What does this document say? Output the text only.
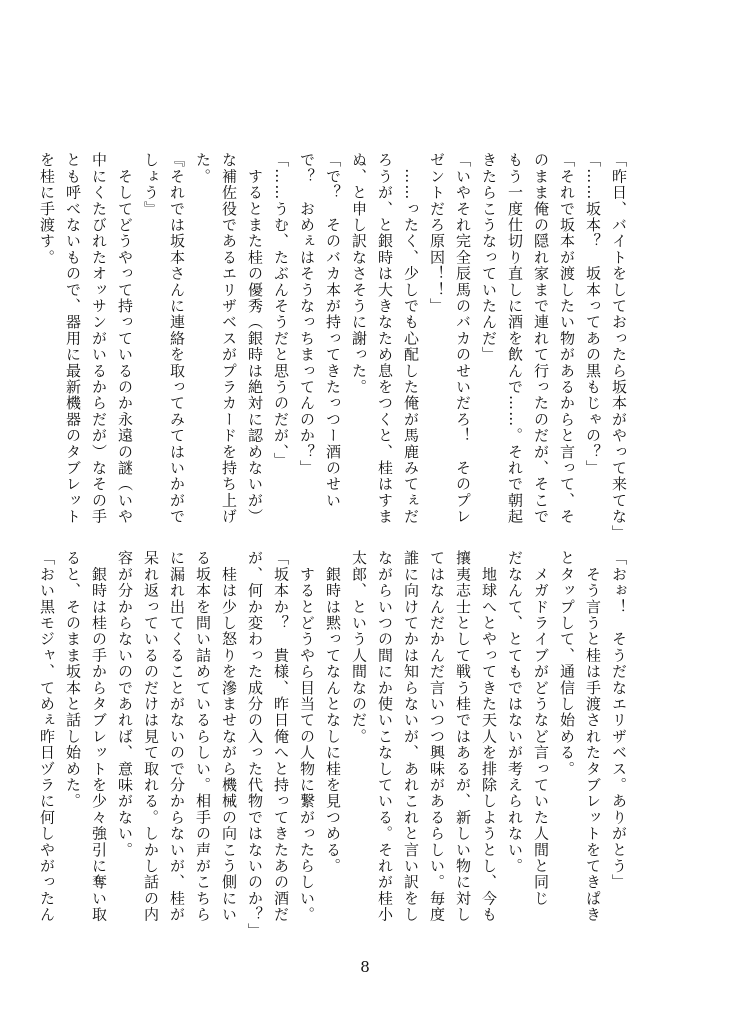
「昨日、バイトをしておったら坂本がやって来てな」

「……坂本？　坂本ってあの黒もじゃの？」

「それで坂本が渡したい物があるからと言って、そ

のまま俺の隠れ家まで連れて行ったのだが、そこで

もう一度仕切り直しに酒を飲んで……。それで朝起

きたらこうなっていたんだ」

「いやそれ完全辰馬のバカのせいだろ！　そのプレ

ゼントだろ原因！！」

　……ったく、少しでも心配した俺が馬鹿みてぇだ

ろうが、と銀時は大きなため息をつくと、桂はすま

ぬ、と申し訳なさそうに謝った。

「で？　そのバカ本が持ってきたっつー酒のせい

で？　おめぇはそうなっちまってんのか？」

「……うむ、たぶんそうだと思うのだが、」

　するとまた桂の優秀（銀時は絶対に認めないが）

な補佐役であるエリザベスがプラカードを持ち上げ

た。

『それでは坂本さんに連絡を取ってみてはいかがで

しょう』

　そしてどうやって持っているのか永遠の謎（いや

中にくたびれたオッサンがいるからだが）なその手

とも呼べないもので、器用に最新機器のタブレット

を桂に手渡す。

「おぉ！　そうだなエリザベス。ありがとう」

　そう言うと桂は手渡されたタブレットをてきぱき

とタップして、通信し始める。

　メガドライブがどうなど言っていた人間と同じ

だなんて、とてもではないが考えられない。

　地球へとやってきた天人を排除しようとし、今も

攘夷志士として戦う桂ではあるが、新しい物に対し

てはなんだかんだ言いつつ興味があるらしい。毎度

誰に向けてかは知らないが、あれこれと言い訳をし

ながらいつの間にか使いこなしている。それが桂小

太郎、という人間なのだ。

　銀時は黙ってなんとなしに桂を見つめる。

　するとどうやら目当ての人物に繋がったらしい。

「坂本か？　貴様、昨日俺へと持ってきたあの酒だ

が、何か変わった成分の入った代物ではないのか？」

　桂は少し怒りを滲ませながら機械の向こう側にい

る坂本を問い詰めているらしい。相手の声がこちら

に漏れ出てくることがないので分からないが、桂が

呆れ返っているのだけは見て取れる。しかし話の内

容が分からないのであれば、意味がない。

　銀時は桂の手からタブレットを少々強引に奪い取

ると、そのまま坂本と話し始めた。

「おい黒モジャ、てめぇ昨日ヅラに何しやがったん

8
